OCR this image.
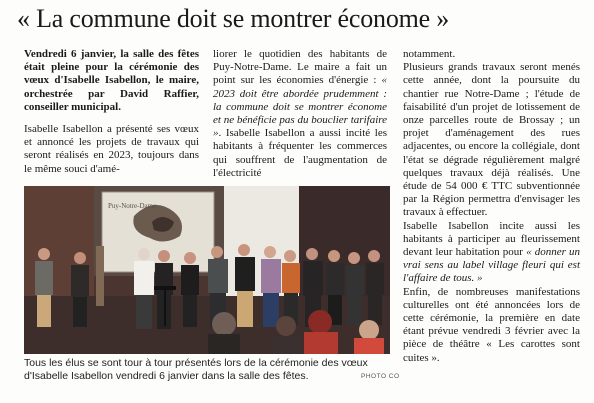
« La commune doit se montrer économe »

Vendredi 6 janvier, la salle des fêtes était pleine pour la cérémonie des vœux d'Isabelle Isabellon, le maire, orchestrée par David Raffier, conseiller municipal.

Isabelle Isabellon a présenté ses vœux et annoncé les projets de travaux qui seront réalisés en 2023, toujours dans le même souci d'amé-

liorer le quotidien des habitants de Puy-Notre-Dame. Le maire a fait un point sur les économies d'énergie : « 2023 doit être abordée prudemment : la commune doit se montrer économe et ne bénéficie pas du bouclier tarifaire ». Isabelle Isabellon a aussi incité les habitants à fréquenter les commerces qui souffrent de l'augmentation de l'électricité

notamment.

Plusieurs grands travaux seront menés cette année, dont la poursuite du chantier rue Notre-Dame ; l'étude de faisabilité d'un projet de lotissement de onze parcelles route de Brossay ; un projet d'aménagement des rues adjacentes, ou encore la collégiale, dont l'état se dégrade régulièrement malgré quelques travaux déjà réalisés. Une étude de 54 000 € TTC subventionnée par la Région permettra d'envisager les travaux à effectuer.

Isabelle Isabellon incite aussi les habitants à participer au fleurissement devant leur habitation pour « donner un vrai sens au label village fleuri qui est l'affaire de tous. »

Enfin, de nombreuses manifestations culturelles ont été annoncées lors de cette cérémonie, la première en date étant prévue vendredi 3 février avec la pièce de théâtre « Les carottes sont cuites ».

Puy-Notre-Dame
Tous les élus se sont tour à tour présentés lors de la cérémonie des vœux d'Isabelle Isabellon vendredi 6 janvier dans la salle des fêtes.	PHOTO CO
